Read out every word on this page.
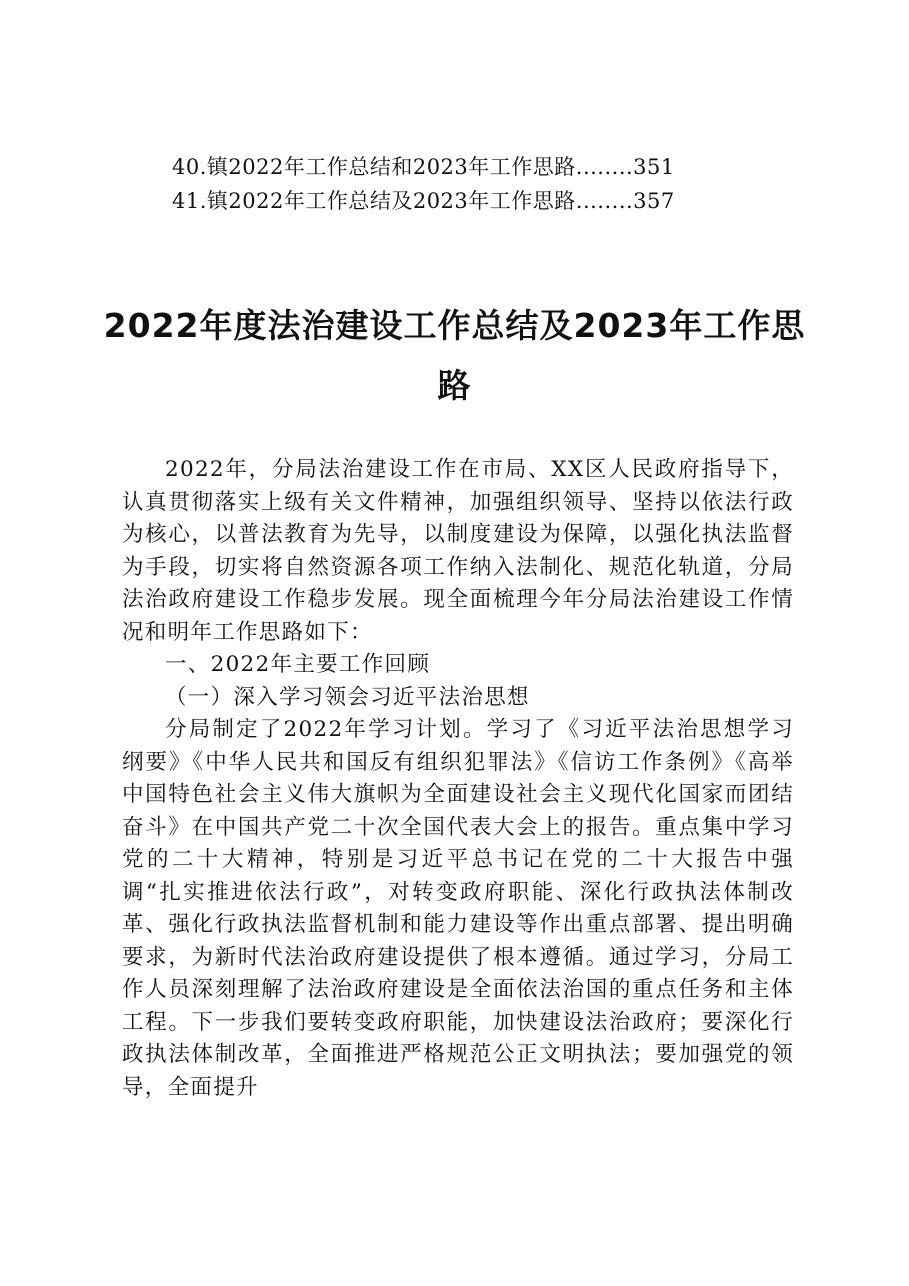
40.镇2022年工作总结和2023年工作思路........351
41.镇2022年工作总结及2023年工作思路........357
2022年度法治建设工作总结及2023年工作思路

2022年，分局法治建设工作在市局、XX区人民政府指导下，认真贯彻落实上级有关文件精神，加强组织领导、坚持以依法行政为核心，以普法教育为先导，以制度建设为保障，以强化执法监督为手段，切实将自然资源各项工作纳入法制化、规范化轨道，分局法治政府建设工作稳步发展。现全面梳理今年分局法治建设工作情况和明年工作思路如下：

一、2022年主要工作回顾

（一）深入学习领会习近平法治思想

分局制定了2022年学习计划。学习了《习近平法治思想学习纲要》《中华人民共和国反有组织犯罪法》《信访工作条例》《高举中国特色社会主义伟大旗帜为全面建设社会主义现代化国家而团结奋斗》在中国共产党二十次全国代表大会上的报告。重点集中学习党的二十大精神，特别是习近平总书记在党的二十大报告中强调“扎实推进依法行政”，对转变政府职能、深化行政执法体制改革、强化行政执法监督机制和能力建设等作出重点部署、提出明确要求，为新时代法治政府建设提供了根本遵循。通过学习，分局工作人员深刻理解了法治政府建设是全面依法治国的重点任务和主体工程。下一步我们要转变政府职能，加快建设法治政府；要深化行政执法体制改革，全面推进严格规范公正文明执法；要加强党的领导，全面提升
